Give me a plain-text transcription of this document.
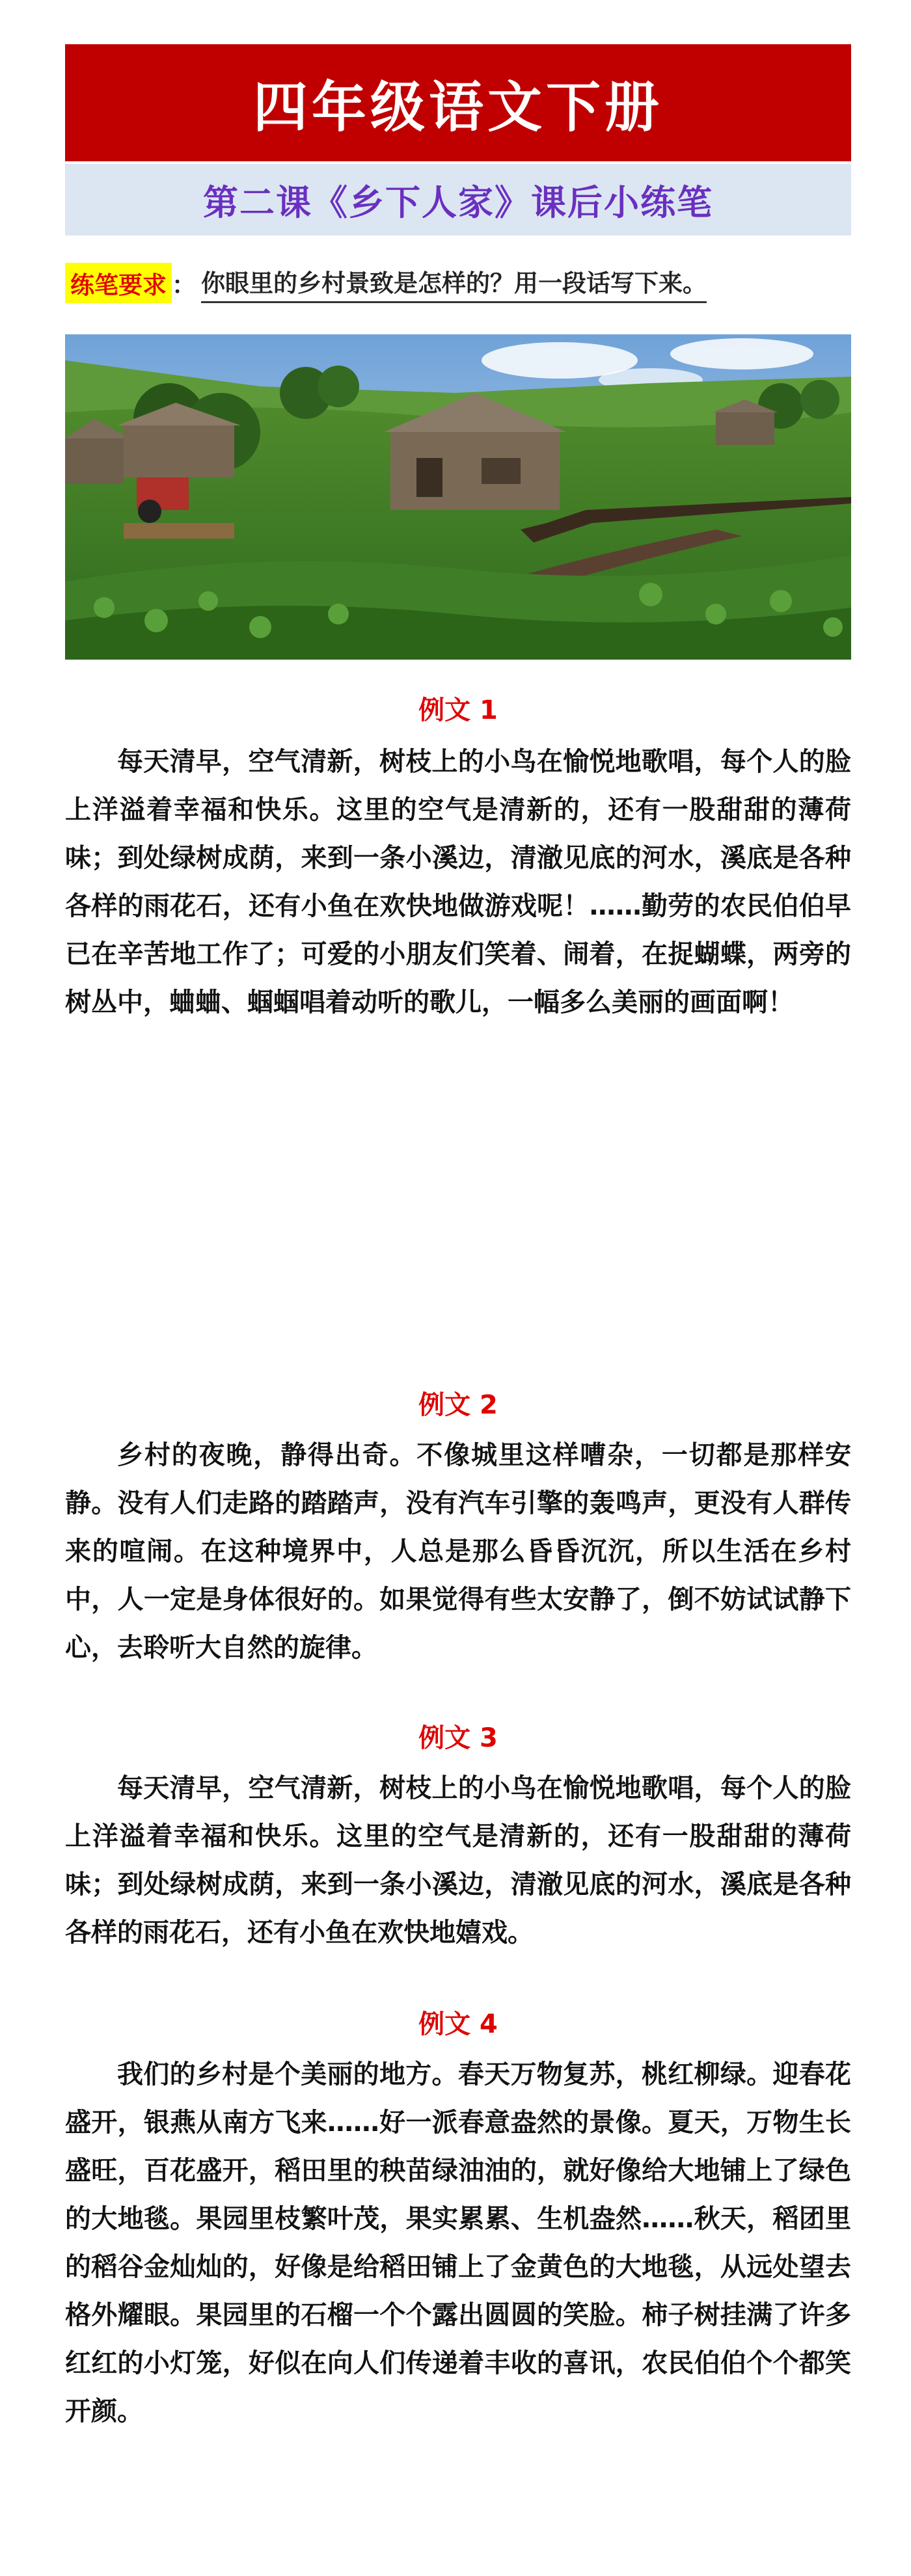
四年级语文下册
第二课《乡下人家》课后小练笔
练笔要求 ： 你眼里的乡村景致是怎样的？用一段话写下来。
例文 1

每天清早，空气清新，树枝上的小鸟在愉悦地歌唱，每个人的脸上洋溢着幸福和快乐。这里的空气是清新的，还有一股甜甜的薄荷味；到处绿树成荫，来到一条小溪边，清澈见底的河水，溪底是各种各样的雨花石，还有小鱼在欢快地做游戏呢！……勤劳的农民伯伯早已在辛苦地工作了；可爱的小朋友们笑着、闹着，在捉蝴蝶，两旁的树丛中，蛐蛐、蝈蝈唱着动听的歌儿，一幅多么美丽的画面啊！

例文 2

乡村的夜晚，静得出奇。不像城里这样嘈杂，一切都是那样安静。没有人们走路的踏踏声，没有汽车引擎的轰鸣声，更没有人群传来的喧闹。在这种境界中，人总是那么昏昏沉沉，所以生活在乡村中，人一定是身体很好的。如果觉得有些太安静了，倒不妨试试静下心，去聆听大自然的旋律。

例文 3

每天清早，空气清新，树枝上的小鸟在愉悦地歌唱，每个人的脸上洋溢着幸福和快乐。这里的空气是清新的，还有一股甜甜的薄荷味；到处绿树成荫，来到一条小溪边，清澈见底的河水，溪底是各种各样的雨花石，还有小鱼在欢快地嬉戏。

例文 4

我们的乡村是个美丽的地方。春天万物复苏，桃红柳绿。迎春花盛开，银燕从南方飞来……好一派春意盎然的景像。夏天，万物生长盛旺，百花盛开，稻田里的秧苗绿油油的，就好像给大地铺上了绿色的大地毯。果园里枝繁叶茂，果实累累、生机盎然……秋天，稻团里的稻谷金灿灿的，好像是给稻田铺上了金黄色的大地毯，从远处望去格外耀眼。果园里的石榴一个个露出圆圆的笑脸。柿子树挂满了许多红红的小灯笼，好似在向人们传递着丰收的喜讯，农民伯伯个个都笑开颜。
